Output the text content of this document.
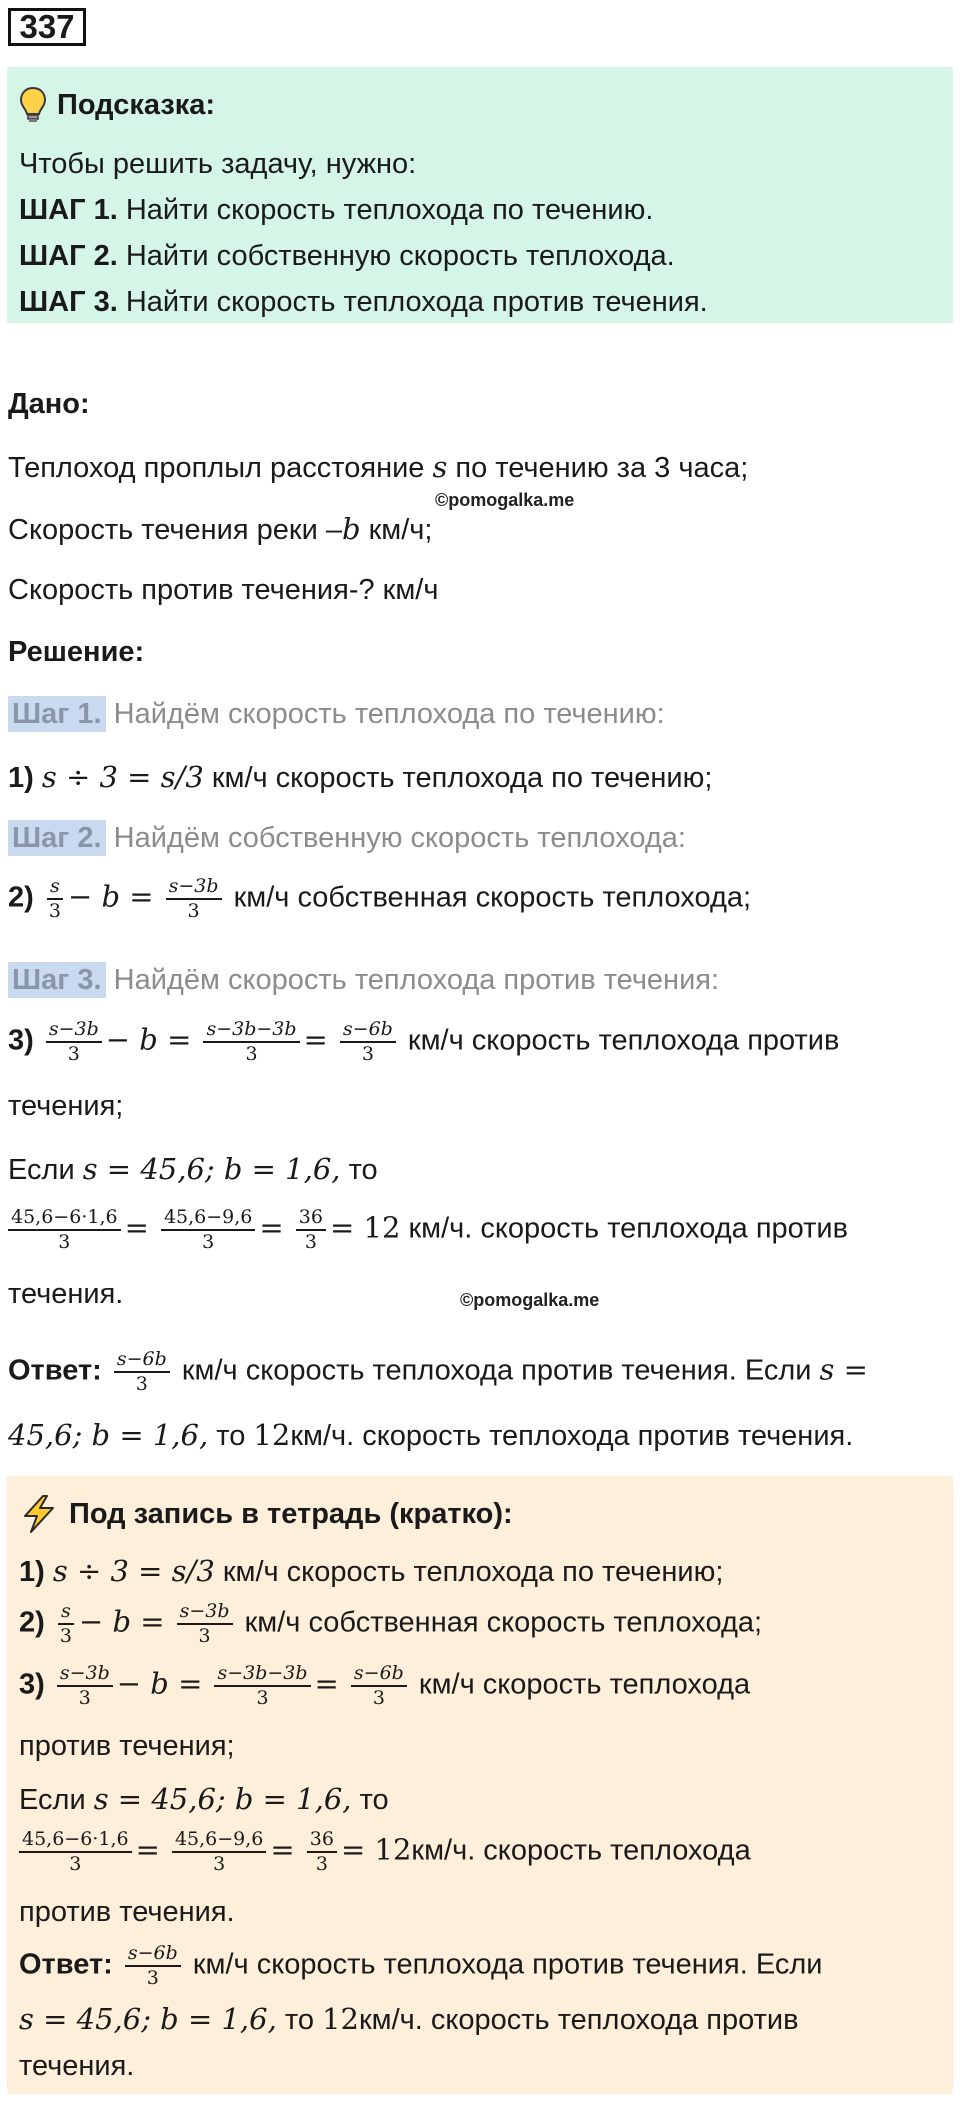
337
Подсказка:

Чтобы решить задачу, нужно:

ШАГ 1. Найти скорость теплохода по течению.

ШАГ 2. Найти собственную скорость теплохода.

ШАГ 3. Найти скорость теплохода против течения.

Дано:
Теплоход проплыл расстояние s по течению за 3 часа;
Скорость течения реки –b км/ч;
Скорость против течения-? км/ч
Решение:
Шаг 1. Найдём скорость теплохода по течению:
1) s ÷ 3 = s/3 км/ч скорость теплохода по течению;
Шаг 2. Найдём собственную скорость теплохода:
$2) \frac{s}{3} - b = \frac{s-3b}{3} км/ч$ собственная скорость теплохода;
Шаг 3. Найдём скорость теплохода против течения:
$3) \frac{s-3b}{3} - b = \frac{s-3b-3b}{3} = \frac{s-6b}{3} км/ч$ скорость теплохода против
течения;
Если s = 45,6; b = 1,6, то
$\frac{45,6-6\cdot 1,6}{3} = \frac{45,6-9,6}{3} = \frac{36}{3} = 12$ км/ч. скорость теплохода против
течения.
Ответ: $\frac{s-6b}{3} км/ч$ скорость теплохода против течения. Если s =
45,6; b = 1,6, то 12км/ч. скорость теплохода против течения.
©pomogalka.me
©pomogalka.me
Под запись в тетрадь (кратко):
1) s ÷ 3 = s/3 км/ч скорость теплохода по течению;
$2) \frac{s}{3} - b = \frac{s-3b}{3} км/ч$ собственная скорость теплохода;
$3) \frac{s-3b}{3} - b = \frac{s-3b-3b}{3} = \frac{s-6b}{3} км/ч$ скорость теплохода
против течения;
Если s = 45,6; b = 1,6, то
$\frac{45,6-6\cdot 1,6}{3} = \frac{45,6-9,6}{3} = \frac{36}{3} = 12км/ч$. скорость теплохода
против течения.
Ответ: $\frac{s-6b}{3} км/ч$ скорость теплохода против течения. Если
s = 45,6; b = 1,6, то 12км/ч. скорость теплохода против
течения.
